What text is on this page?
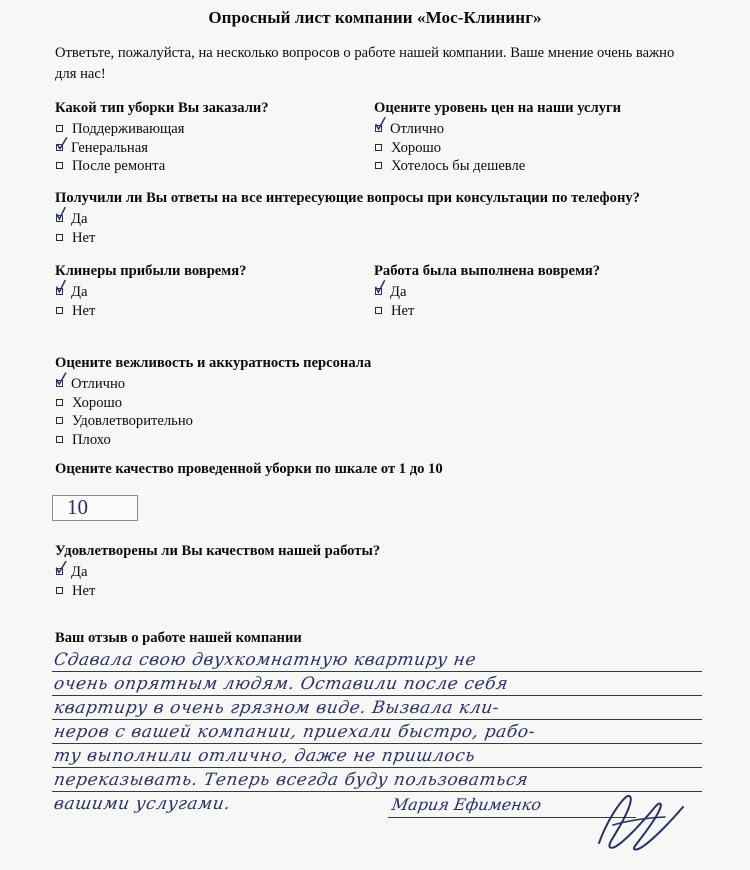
Опросный лист компании «Мос-Клининг»
Ответьте, пожалуйста, на несколько вопросов о работе нашей компании. Ваше мнение очень важно для нас!
Какой тип уборки Вы заказали?
Поддерживающая
Генеральная
После ремонта
Оцените уровень цен на наши услуги
Отлично
Хорошо
Хотелось бы дешевле
Получили ли Вы ответы на все интересующие вопросы при консультации по телефону?
Да
Нет
Клинеры прибыли вовремя?
Да
Нет
Работа была выполнена вовремя?
Да
Нет
Оцените вежливость и аккуратность персонала
Отлично
Хорошо
Удовлетворительно
Плохо
Оцените качество проведенной уборки по шкале от 1 до 10
10
Удовлетворены ли Вы качеством нашей работы?
Да
Нет
Ваш отзыв о работе нашей компании
Сдавала свою двухкомнатную квартиру не
очень опрятным людям. Оставили после себя
квартиру в очень грязном виде. Вызвала кли-
неров с вашей компании, приехали быстро, рабо-
ту выполнили отлично, даже не пришлось
переказывать. Теперь всегда буду пользоваться
вашими услугами.	Мария Ефименко
